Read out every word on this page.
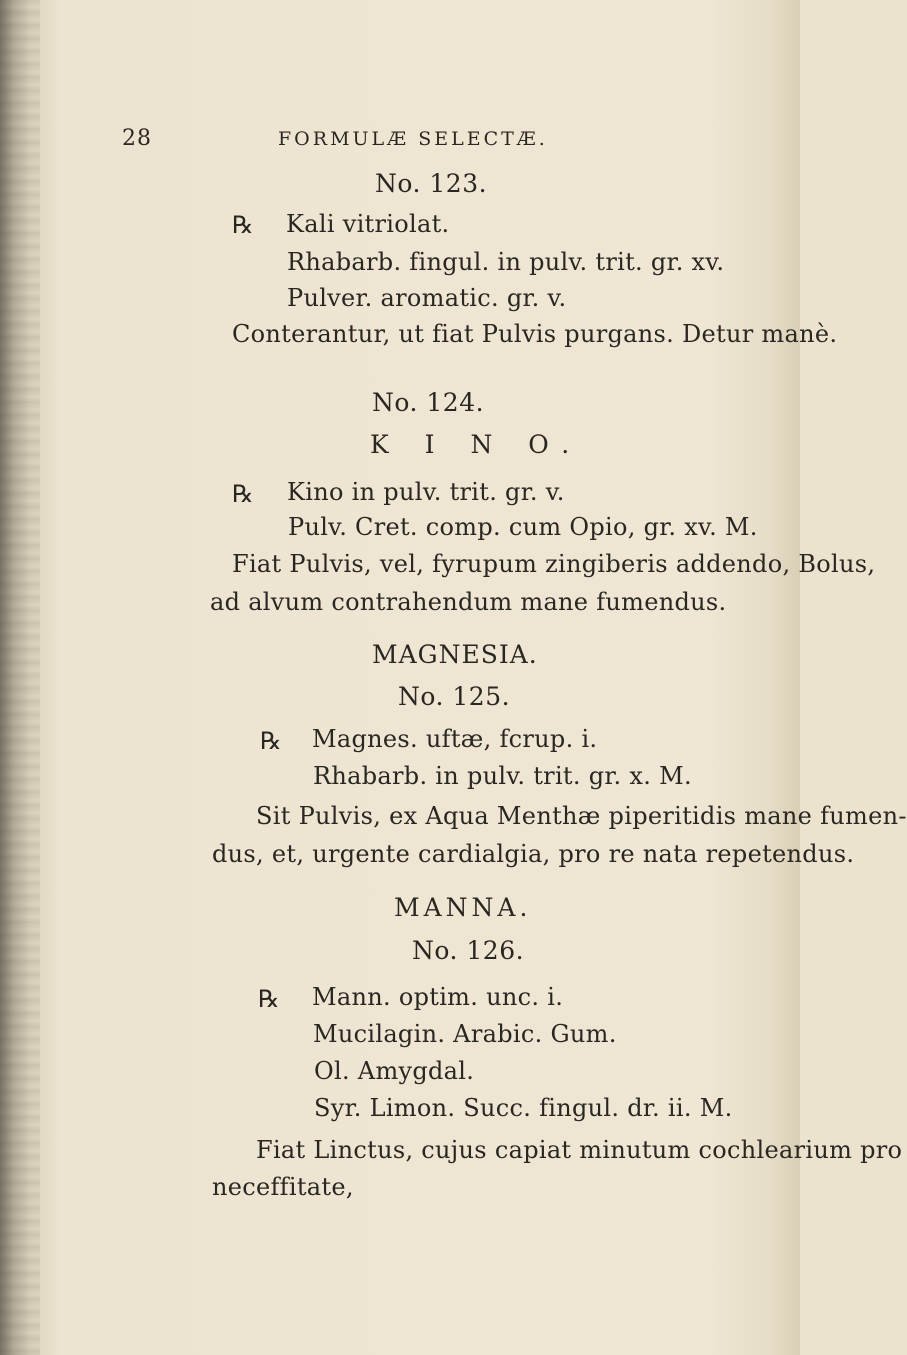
28	FORMULÆ SELECTÆ.
No. 123.
℞ Kali vitriolat.
Rhabarb. fingul. in pulv. trit. gr. xv.
Pulver. aromatic. gr. v.
Conterantur, ut fiat Pulvis purgans. Detur manè.
No. 124.
K I N O.
℞ Kino in pulv. trit. gr. v.
Pulv. Cret. comp. cum Opio, gr. xv. M.
Fiat Pulvis, vel, fyrupum zingiberis addendo, Bolus,
ad alvum contrahendum mane fumendus.
MAGNESIA.
No. 125.
℞ Magnes. uftæ, fcrup. i.
Rhabarb. in pulv. trit. gr. x. M.
Sit Pulvis, ex Aqua Menthæ piperitidis mane fumen-
dus, et, urgente cardialgia, pro re nata repetendus.
MANNA.
No. 126.
℞ Mann. optim. unc. i.
Mucilagin. Arabic. Gum.
Ol. Amygdal.
Syr. Limon. Succ. fingul. dr. ii. M.
Fiat Linctus, cujus capiat minutum cochlearium pro
neceffitate,
